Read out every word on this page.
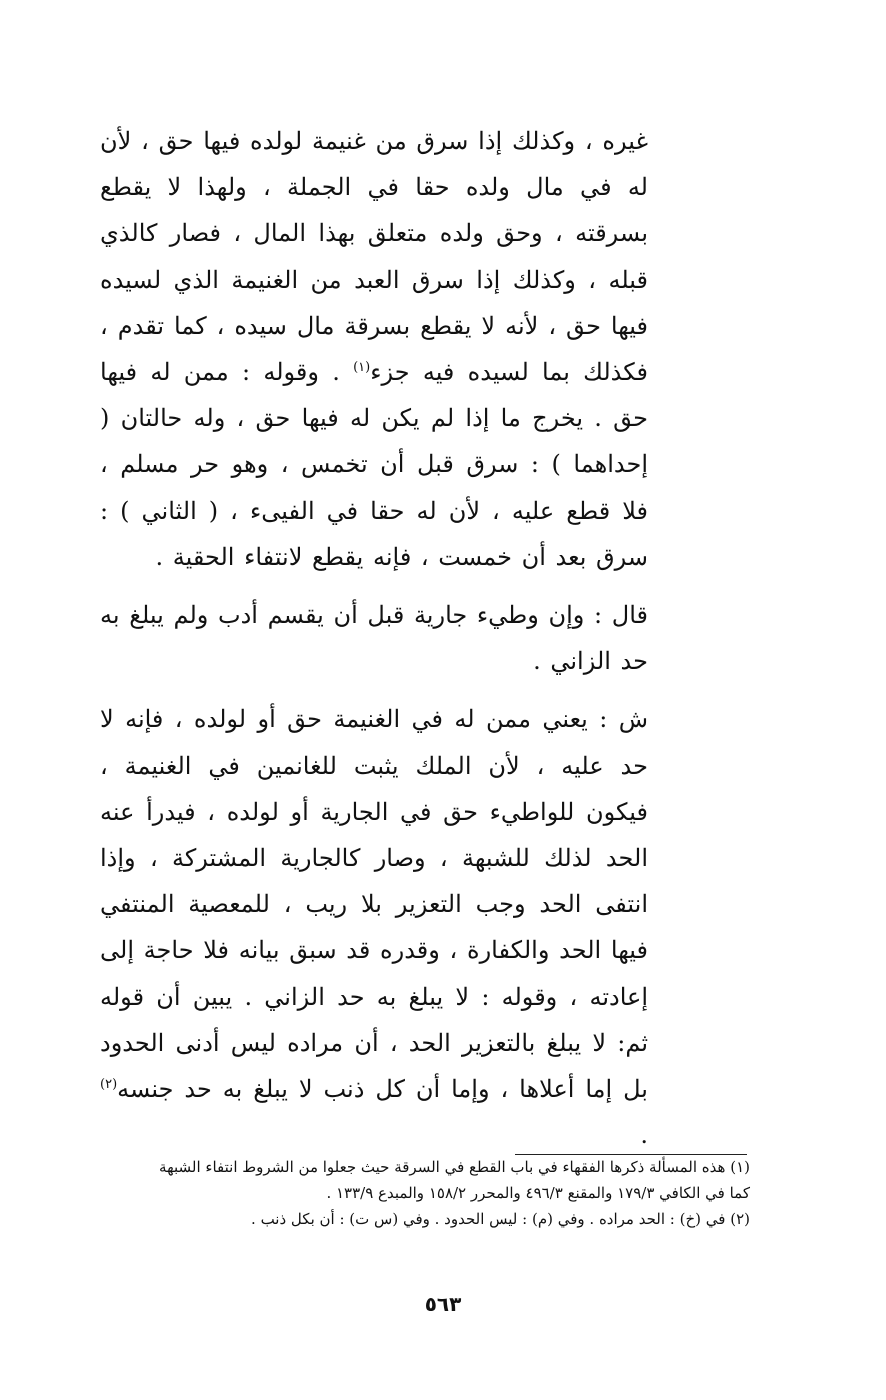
غيره ، وكذلك إذا سرق من غنيمة لولده فيها حق ، لأن له في مال ولده حقا في الجملة ، ولهذا لا يقطع بسرقته ، وحق ولده متعلق بهذا المال ، فصار كالذي قبله ، وكذلك إذا سرق العبد من الغنيمة الذي لسيده فيها حق ، لأنه لا يقطع بسرقة مال سيده ، كما تقدم ، فكذلك بما لسيده فيه جزء$^{(١)}$ . وقوله : ممن له فيها حق . يخرج ما إذا لم يكن له فيها حق ، وله حالتان ( إحداهما ) : سرق قبل أن تخمس ، وهو حر مسلم ، فلا قطع عليه ، لأن له حقا في الفيىء ، ( الثاني ) : سرق بعد أن خمست ، فإنه يقطع لانتفاء الحقية .

قال : وإن وطيء جارية قبل أن يقسم أدب ولم يبلغ به حد الزاني .

ش : يعني ممن له في الغنيمة حق أو لولده ، فإنه لا حد عليه ، لأن الملك يثبت للغانمين في الغنيمة ، فيكون للواطيء حق في الجارية أو لولده ، فيدرأ عنه الحد لذلك للشبهة ، وصار كالجارية المشتركة ، وإذا انتفى الحد وجب التعزير بلا ريب ، للمعصية المنتفي فيها الحد والكفارة ، وقدره قد سبق بيانه فلا حاجة إلى إعادته ، وقوله : لا يبلغ به حد الزاني . يبين أن قوله ثم: لا يبلغ بالتعزير الحد ، أن مراده ليس أدنى الحدود بل إما أعلاها ، وإما أن كل ذنب لا يبلغ به حد جنسه$^{(٢)}$ .

(١) هذه المسألة ذكرها الفقهاء في باب القطع في السرقة حيث جعلوا من الشروط انتفاء الشبهة

كما في الكافي ١٧٩/٣ والمقنع ٤٩٦/٣ والمحرر ١٥٨/٢ والمبدع ١٣٣/٩ .

(٢) في (خ) : الحد مراده . وفي (م) : ليس الحدود . وفي (س ت) : أن بكل ذنب .

٥٦٣
